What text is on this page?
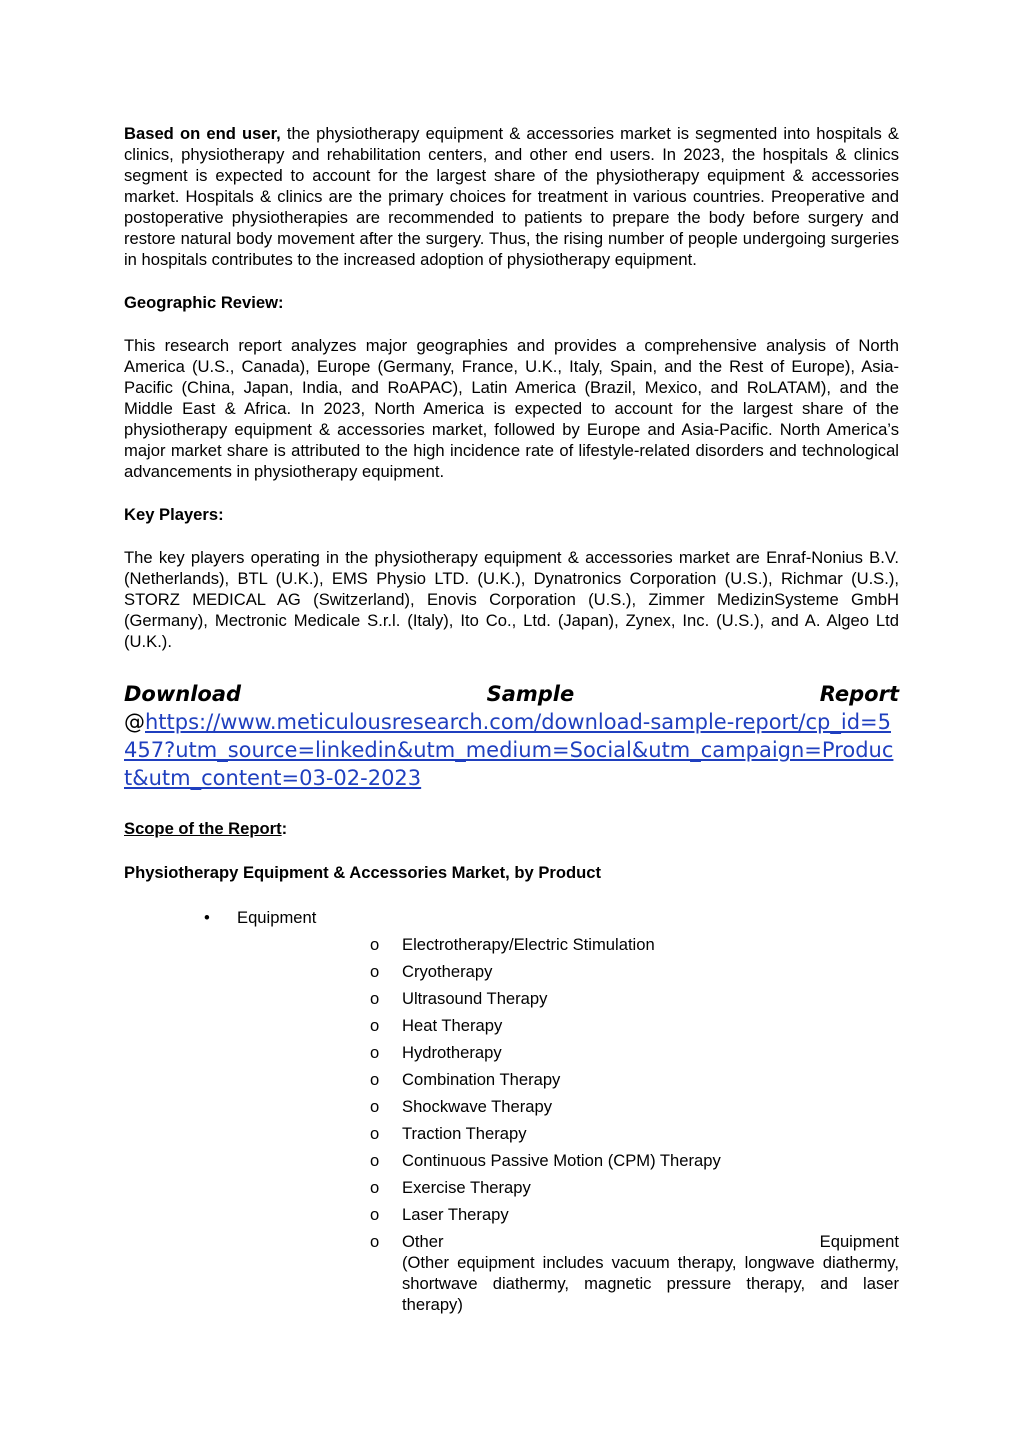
Based on end user, the physiotherapy equipment & accessories market is segmented into hospitals & clinics, physiotherapy and rehabilitation centers, and other end users. In 2023, the hospitals & clinics segment is expected to account for the largest share of the physiotherapy equipment & accessories market. Hospitals & clinics are the primary choices for treatment in various countries. Preoperative and postoperative physiotherapies are recommended to patients to prepare the body before surgery and restore natural body movement after the surgery. Thus, the rising number of people undergoing surgeries in hospitals contributes to the increased adoption of physiotherapy equipment.

Geographic Review:

This research report analyzes major geographies and provides a comprehensive analysis of North America (U.S., Canada), Europe (Germany, France, U.K., Italy, Spain, and the Rest of Europe), Asia-Pacific (China, Japan, India, and RoAPAC), Latin America (Brazil, Mexico, and RoLATAM), and the Middle East & Africa. In 2023, North America is expected to account for the largest share of the physiotherapy equipment & accessories market, followed by Europe and Asia-Pacific. North America’s major market share is attributed to the high incidence rate of lifestyle-related disorders and technological advancements in physiotherapy equipment.

Key Players:

The key players operating in the physiotherapy equipment & accessories market are Enraf-Nonius B.V. (Netherlands), BTL (U.K.), EMS Physio LTD. (U.K.), Dynatronics Corporation (U.S.), Richmar (U.S.), STORZ MEDICAL AG (Switzerland), Enovis Corporation (U.S.), Zimmer MedizinSysteme GmbH (Germany), Mectronic Medicale S.r.l. (Italy), Ito Co., Ltd. (Japan), Zynex, Inc. (U.S.), and A. Algeo Ltd (U.K.).

Download	Sample	Report
@https://www.meticulousresearch.com/download-sample-report/cp_id=5457?utm_source=linkedin&utm_medium=Social&utm_campaign=Product&utm_content=03-02-2023

Scope of the Report:

Physiotherapy Equipment & Accessories Market, by Product

• Equipment
o Electrotherapy/Electric Stimulation
o Cryotherapy
o Ultrasound Therapy
o Heat Therapy
o Hydrotherapy
o Combination Therapy
o Shockwave Therapy
o Traction Therapy
o Continuous Passive Motion (CPM) Therapy
o Exercise Therapy
o Laser Therapy
o Other	Equipment

(Other equipment includes vacuum therapy, longwave diathermy, shortwave diathermy, magnetic pressure therapy, and laser therapy)
